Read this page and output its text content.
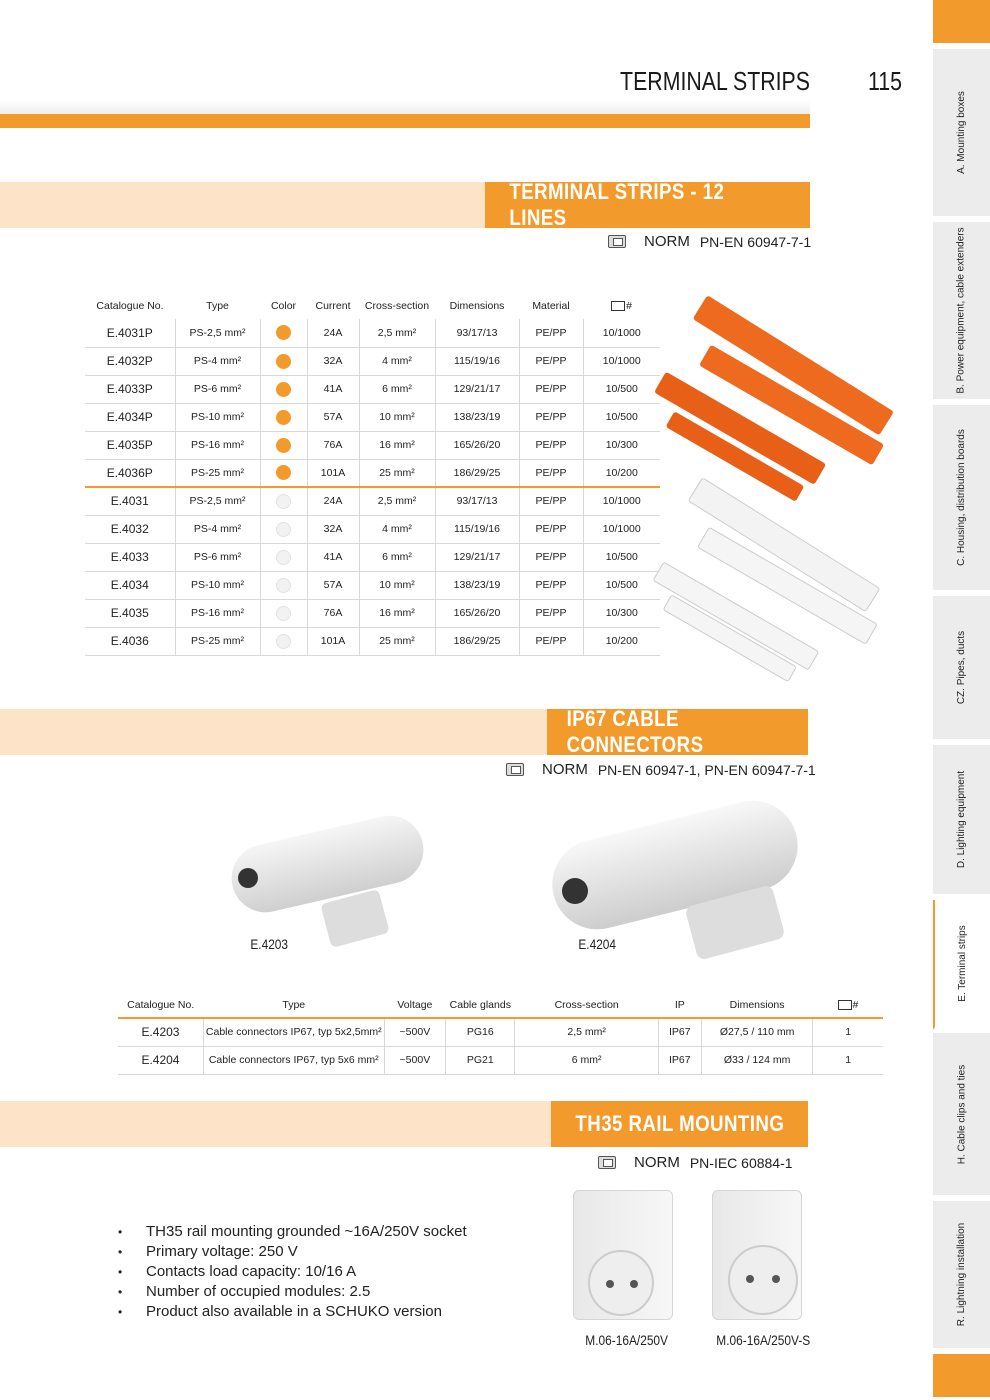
TERMINAL STRIPS	115
A. Mounting boxes
B. Power equipment, cable extenders
C. Housing, distribution boards
CZ. Pipes, ducts
D. Lighting equipment
E. Terminal strips
H. Cable clips and ties
R. Lightning installation
TERMINAL STRIPS - 12 LINES
NORM PN-EN 60947-7-1
Catalogue No.	Type	Color	Current	Cross-section	Dimensions	Material	#
E.4031P	PS-2,5 mm²		24A	2,5 mm²	93/17/13	PE/PP	10/1000
E.4032P	PS-4 mm²		32A	4 mm²	115/19/16	PE/PP	10/1000
E.4033P	PS-6 mm²		41A	6 mm²	129/21/17	PE/PP	10/500
E.4034P	PS-10 mm²		57A	10 mm²	138/23/19	PE/PP	10/500
E.4035P	PS-16 mm²		76A	16 mm²	165/26/20	PE/PP	10/300
E.4036P	PS-25 mm²		101A	25 mm²	186/29/25	PE/PP	10/200
E.4031	PS-2,5 mm²		24A	2,5 mm²	93/17/13	PE/PP	10/1000
E.4032	PS-4 mm²		32A	4 mm²	115/19/16	PE/PP	10/1000
E.4033	PS-6 mm²		41A	6 mm²	129/21/17	PE/PP	10/500
E.4034	PS-10 mm²		57A	10 mm²	138/23/19	PE/PP	10/500
E.4035	PS-16 mm²		76A	16 mm²	165/26/20	PE/PP	10/300
E.4036	PS-25 mm²		101A	25 mm²	186/29/25	PE/PP	10/200
IP67 CABLE CONNECTORS
NORM PN-EN 60947-1, PN-EN 60947-7-1
E.4203	E.4204
Catalogue No.	Type	Voltage	Cable glands	Cross-section	IP	Dimensions	#
E.4203	Cable connectors IP67, typ 5x2,5mm²	~500V	PG16	2,5 mm²	IP67	Ø27,5 / 110 mm	1
E.4204	Cable connectors IP67, typ 5x6 mm²	~500V	PG21	6 mm²	IP67	Ø33 / 124 mm	1
TH35 RAIL MOUNTING
NORM PN-IEC 60884-1
• TH35 rail mounting grounded ~16A/250V socket
• Primary voltage: 250 V
• Contacts load capacity: 10/16 A
• Number of occupied modules: 2.5
• Product also available in a SCHUKO version
M.06-16A/250V	M.06-16A/250V-S
